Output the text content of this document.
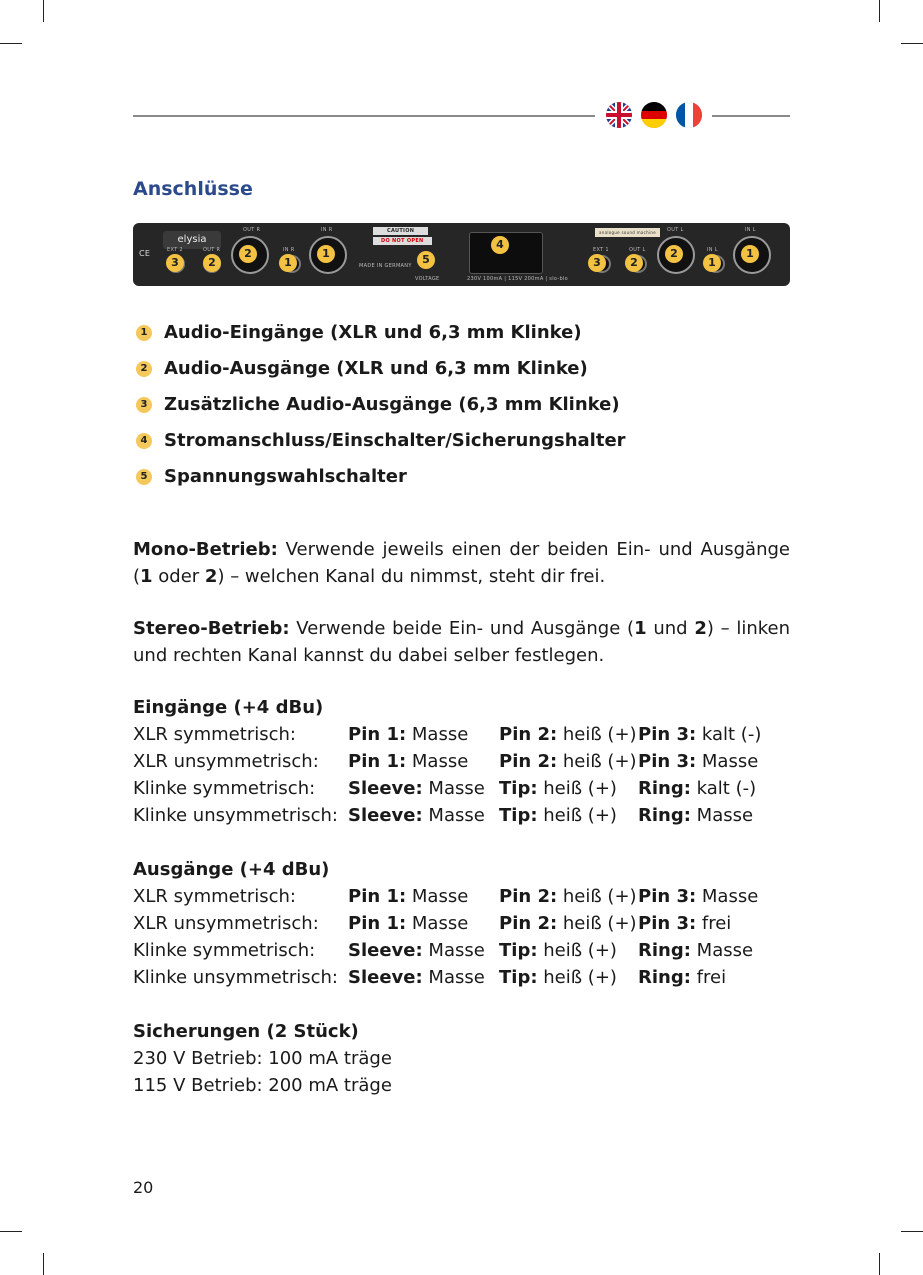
Anschlüsse
CE
elysia
EXT 2	OUT R
OUT R
IN R
IN R	CAUTION
DO NOT OPEN
MADE IN GERMANY
VOLTAGE	230V 100mA | 115V 200mA | slo-blo
analogue sound machine
EXT 1	OUT L
OUT L
IN L
IN L
3	2
2
1
1	5
4
3	2
2
1
1
1 Audio-Eingänge (XLR und 6,3 mm Klinke)
2 Audio-Ausgänge (XLR und 6,3 mm Klinke)
3 Zusätzliche Audio-Ausgänge (6,3 mm Klinke)
4 Stromanschluss/Einschalter/Sicherungshalter
5 Spannungswahlschalter

Mono-Betrieb: Verwende jeweils einen der beiden Ein- und Ausgänge (1 oder 2) – welchen Kanal du nimmst, steht dir frei.

Stereo-Betrieb: Verwende beide Ein- und Ausgänge (1 und 2) – linken und rechten Kanal kannst du dabei selber festlegen.

Eingänge (+4 dBu)
XLR symmetrisch:	Pin 1: Masse Pin 2: heiß (+) Pin 3: kalt (-)
XLR unsymmetrisch: Pin 1: Masse Pin 2: heiß (+) Pin 3: Masse
Klinke symmetrisch: Sleeve: Masse Tip: heiß (+) Ring: kalt (-)
Klinke unsymmetrisch: Sleeve: Masse Tip: heiß (+) Ring: Masse
Ausgänge (+4 dBu)
XLR symmetrisch:	Pin 1: Masse Pin 2: heiß (+) Pin 3: Masse
XLR unsymmetrisch: Pin 1: Masse Pin 2: heiß (+) Pin 3: frei
Klinke symmetrisch: Sleeve: Masse Tip: heiß (+) Ring: Masse
Klinke unsymmetrisch: Sleeve: Masse Tip: heiß (+) Ring: frei
Sicherungen (2 Stück)
230 V Betrieb: 100 mA träge
115 V Betrieb: 200 mA träge
20
